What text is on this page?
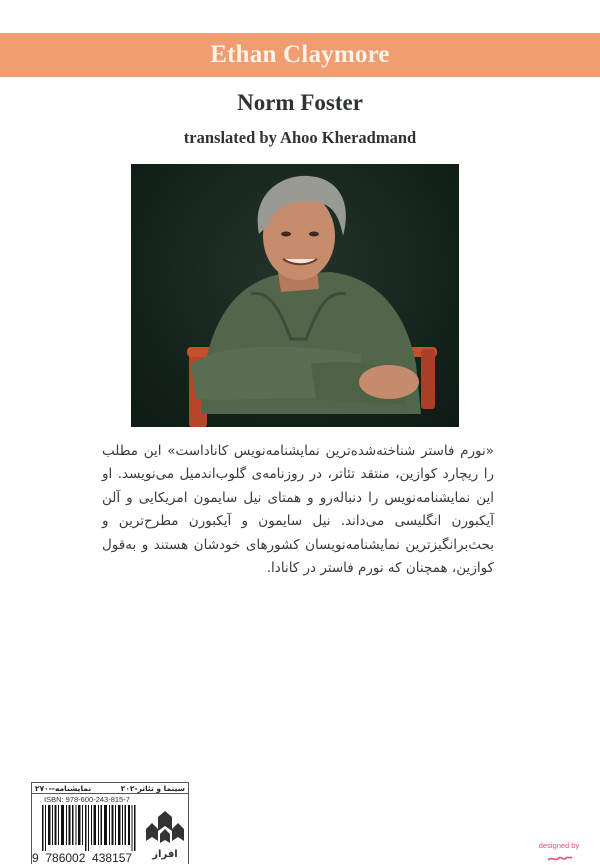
Ethan Claymore
Norm Foster
translated by Ahoo Kheradmand
«نورم فاستر شناخته‌شده‌ترین نمایشنامه‌نویس کاناداست» این مطلب را ریچارد کوازین، منتقد تئاتر، در روزنامه‌ی گلوب‌اندمیل می‌نویسد. او این نمایشنامه‌نویس را دنباله‌رو و همتای نیل سایمون امریکایی و آلن آیکبورن انگلیسی می‌داند. نیل سایمون و آیکبورن مطرح‌ترین و بحث‌برانگیزترین نمایشنامه‌نویسان کشورهای خودشان هستند و به‌قول کوازین، همچنان که نورم فاستر در کانادا.
سینما و تئاتر-۲۰۲
نمایشنامه--۲۷۰
ISBN: 978-600-243-815-7
9  786002  438157	افراز
designed by
